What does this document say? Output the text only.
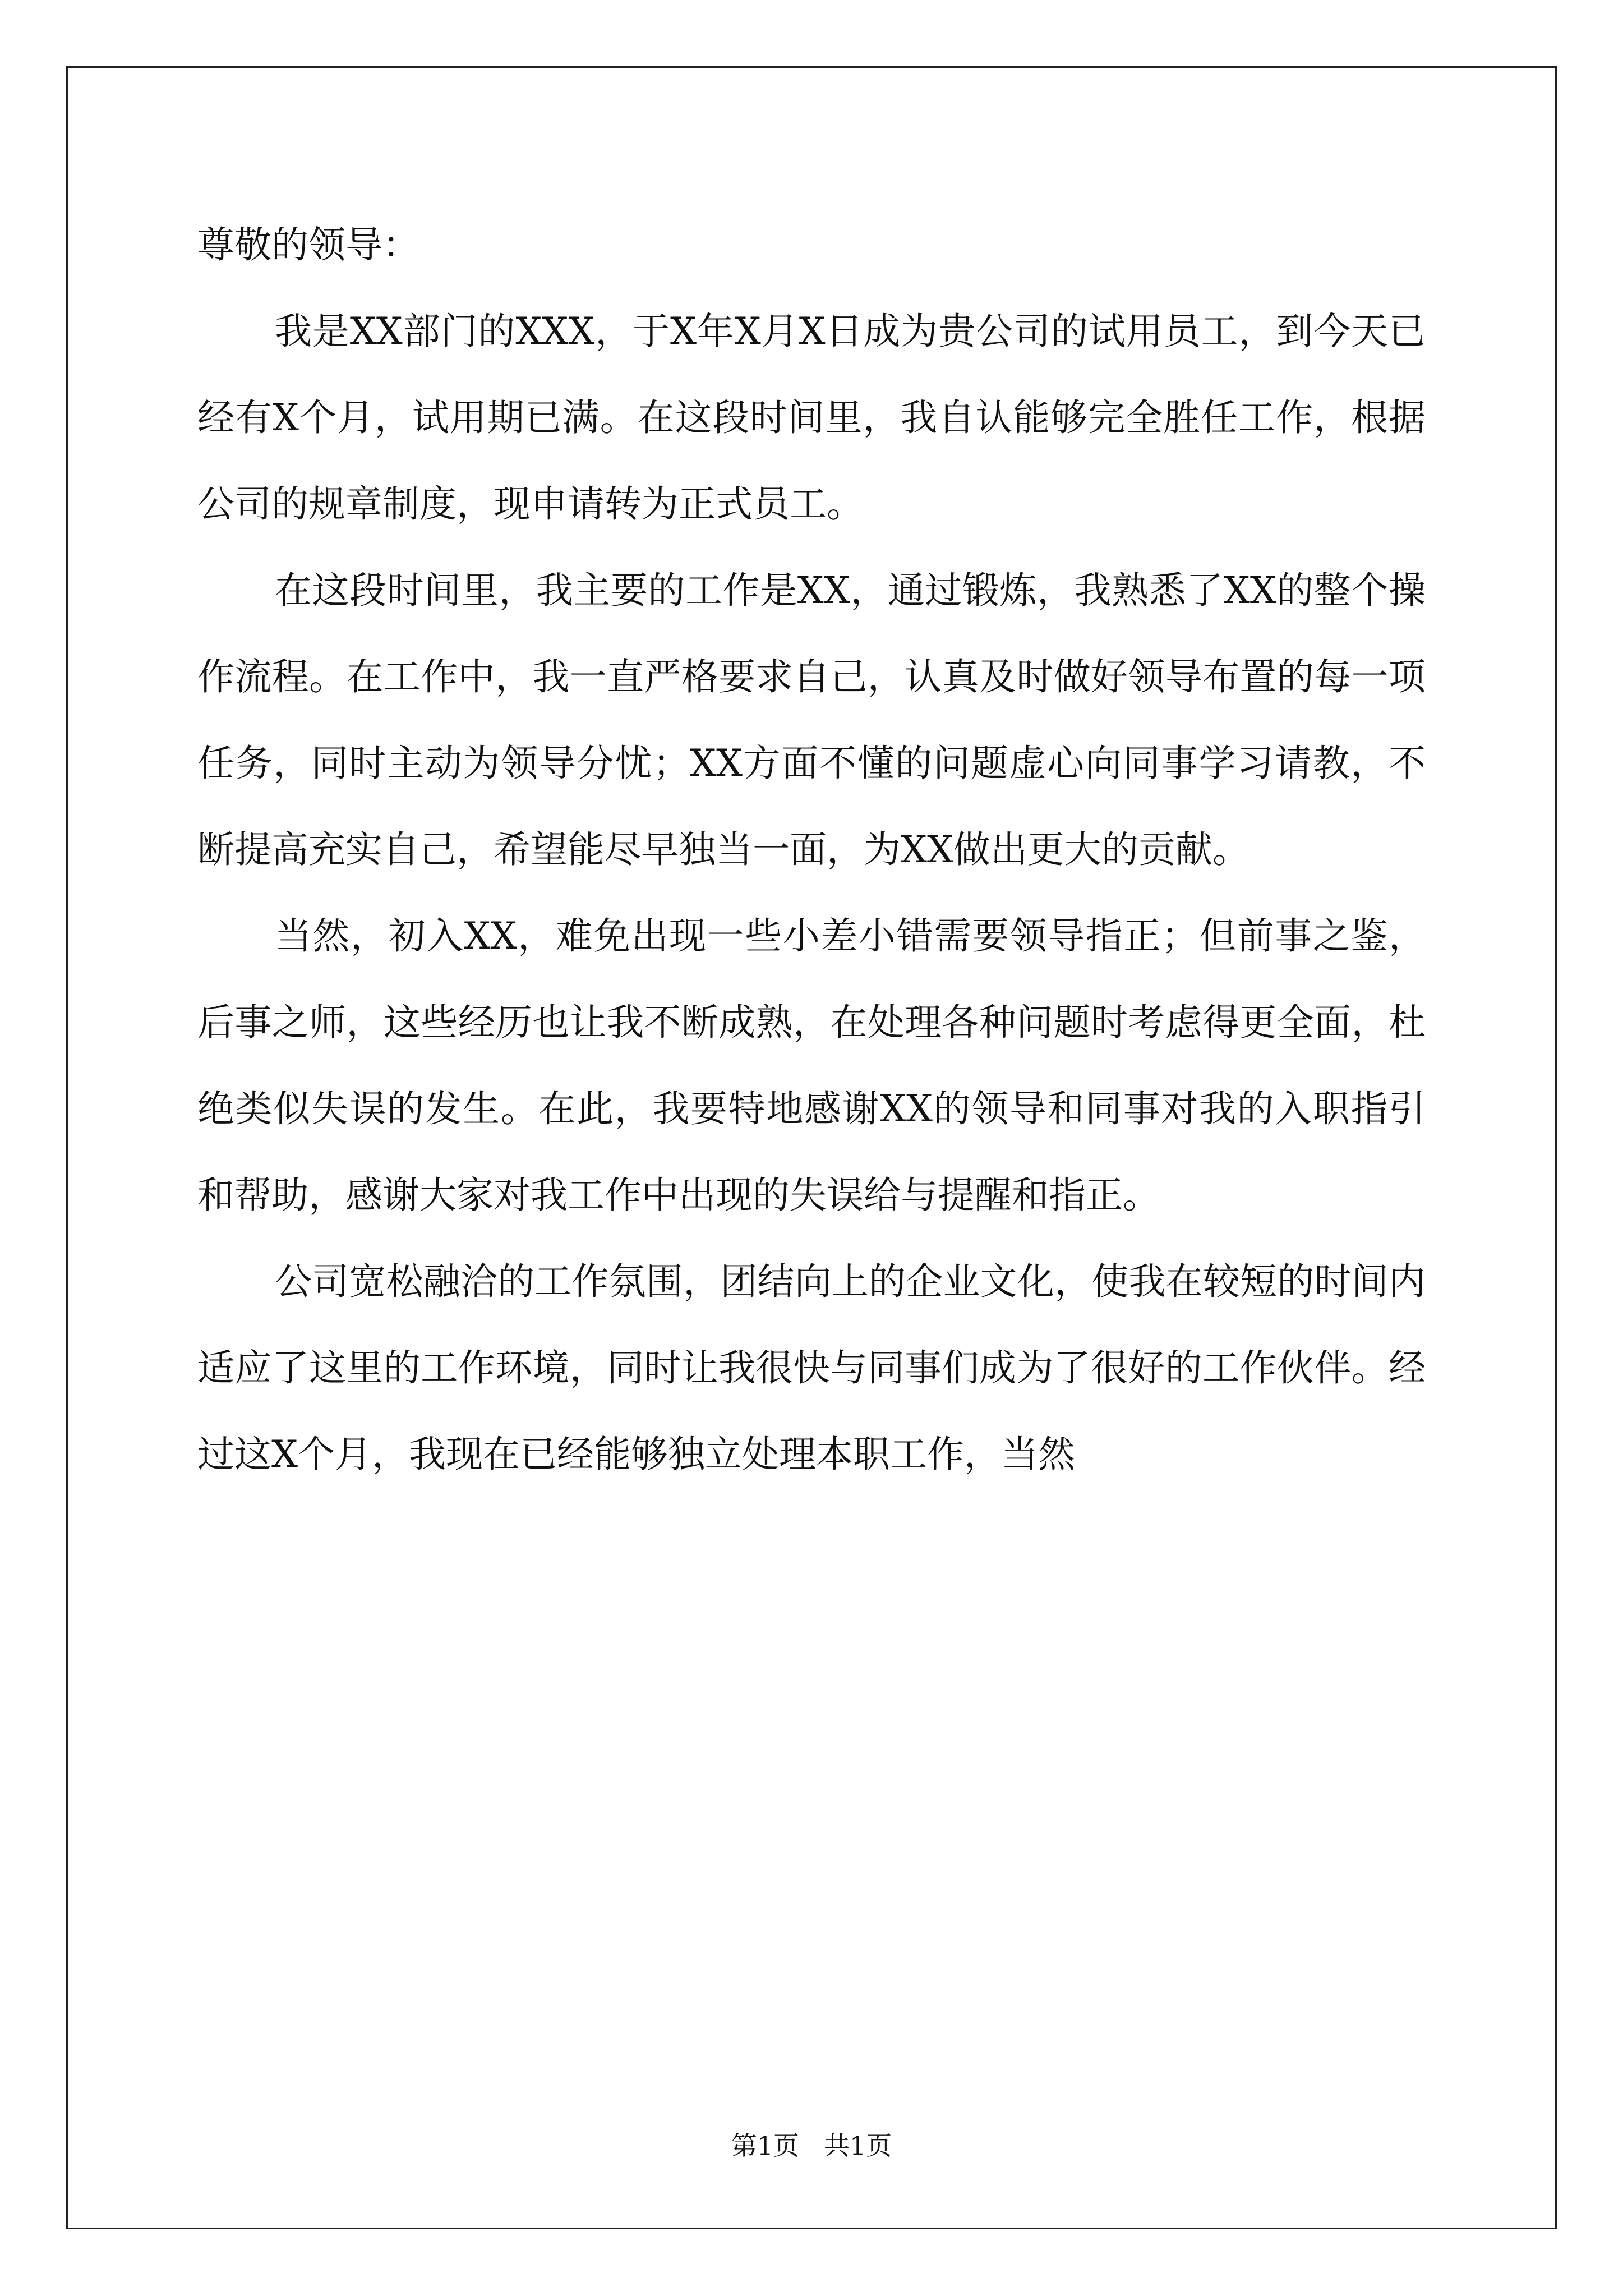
尊敬的领导：

我是XX部门的XXX，于X年X月X日成为贵公司的试用员工，到今天已经有X个月，试用期已满。在这段时间里，我自认能够完全胜任工作，根据公司的规章制度，现申请转为正式员工。

在这段时间里，我主要的工作是XX，通过锻炼，我熟悉了XX的整个操作流程。在工作中，我一直严格要求自己，认真及时做好领导布置的每一项任务，同时主动为领导分忧；XX方面不懂的问题虚心向同事学习请教，不断提高充实自己，希望能尽早独当一面，为XX做出更大的贡献。

当然，初入XX，难免出现一些小差小错需要领导指正；但前事之鉴，后事之师，这些经历也让我不断成熟，在处理各种问题时考虑得更全面，杜绝类似失误的发生。在此，我要特地感谢XX的领导和同事对我的入职指引和帮助，感谢大家对我工作中出现的失误给与提醒和指正。

公司宽松融洽的工作氛围，团结向上的企业文化，使我在较短的时间内适应了这里的工作环境，同时让我很快与同事们成为了很好的工作伙伴。经过这X个月，我现在已经能够独立处理本职工作，当然

第1页 共1页
